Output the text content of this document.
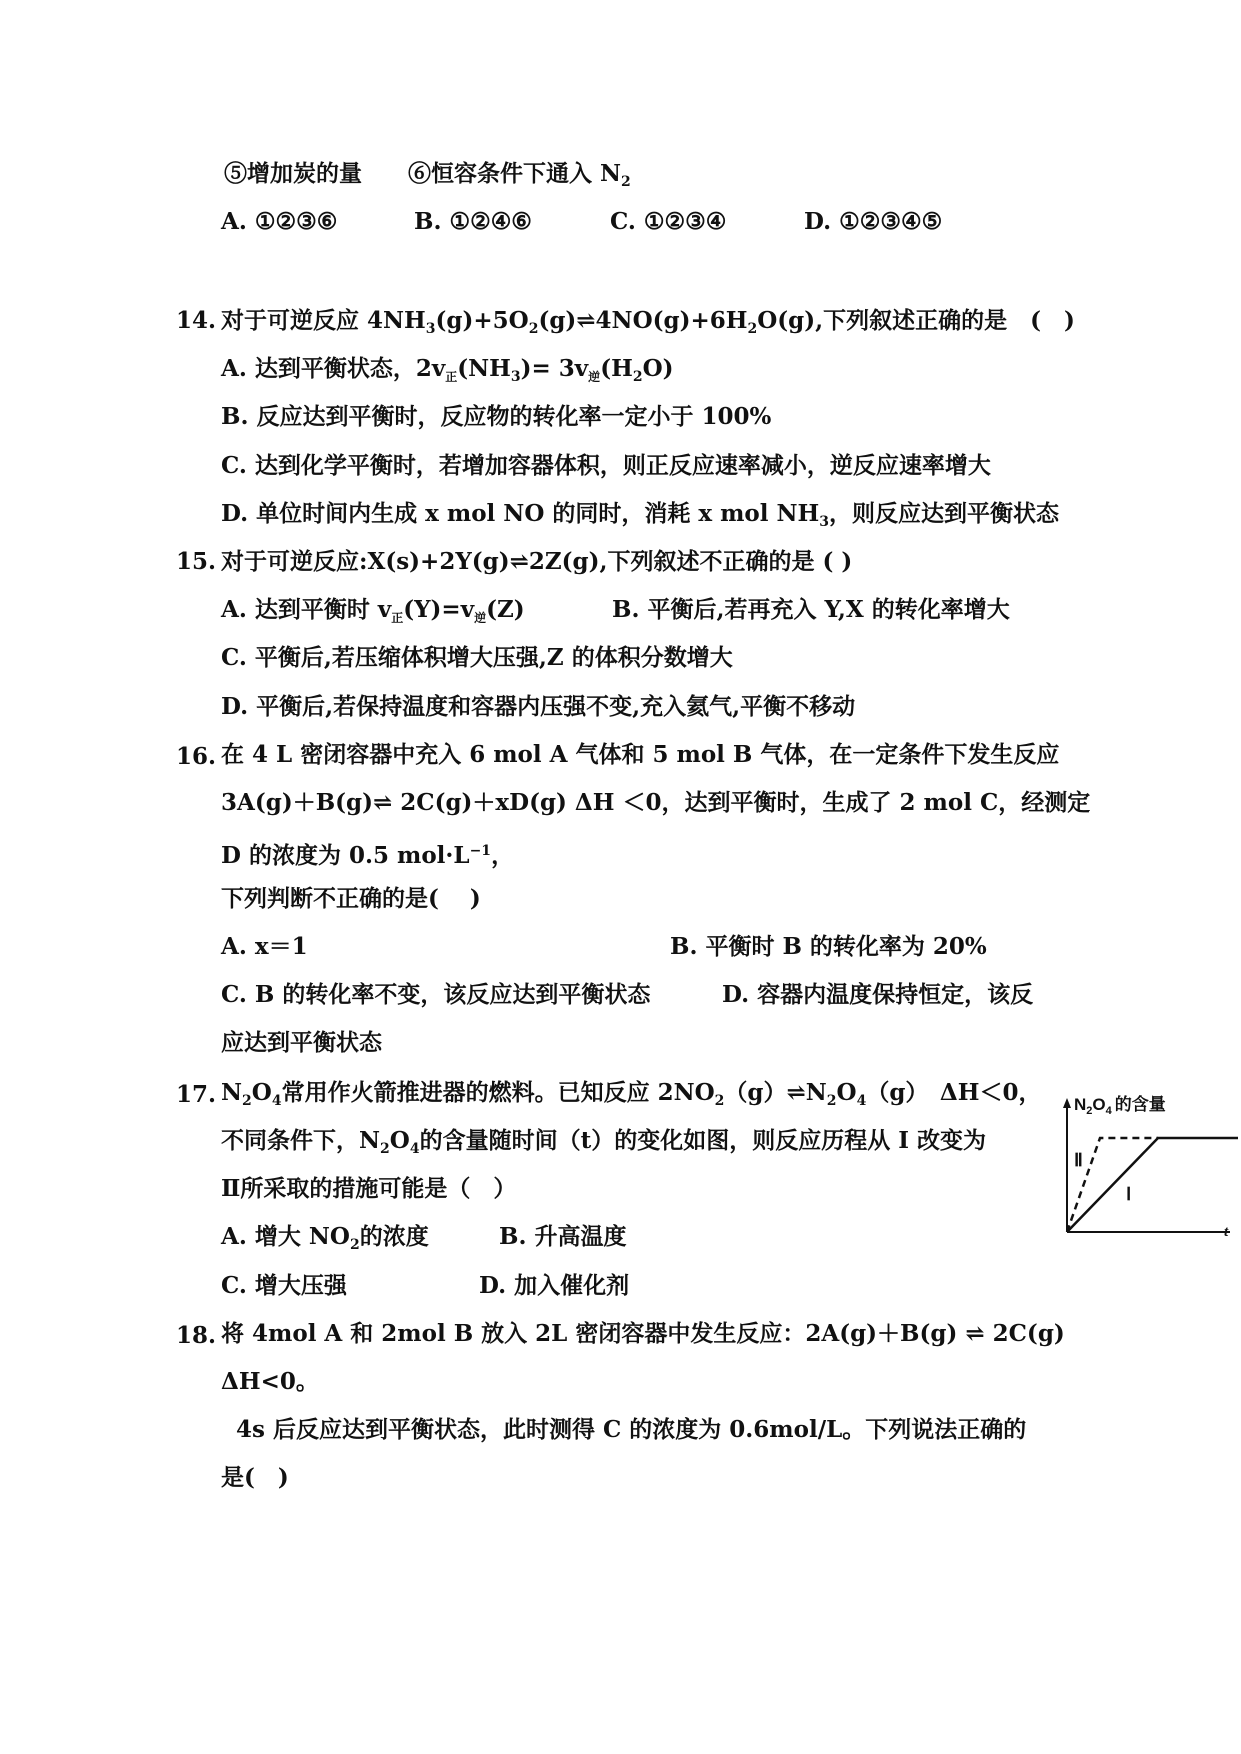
⑤增加炭的量　　⑥恒容条件下通入 $N_2$
A. ①②③⑥	B. ①②④⑥	C. ①②③④	D. ①②③④⑤
14. 对于可逆反应 $4NH_3(g)+5O_2(g)\rightleftharpoons 4NO(g)+6H_2O(g)$,下列叙述正确的是　(　)
A. 达到平衡状态，$2v_正(NH_3)= 3v_逆(H_2O)$
B. 反应达到平衡时，反应物的转化率一定小于 100%
C. 达到化学平衡时，若增加容器体积，则正反应速率减小，逆反应速率增大
D. 单位时间内生成 x mol NO 的同时，消耗 x mol $NH_3$，则反应达到平衡状态
15. 对于可逆反应:X(s)+2Y(g)⇌2Z(g),下列叙述不正确的是 ( )
A. 达到平衡时 $v_正(Y)=v_逆(Z)$	B. 平衡后,若再充入 Y,X 的转化率增大
C. 平衡后,若压缩体积增大压强,Z 的体积分数增大
D. 平衡后,若保持温度和容器内压强不变,充入氦气,平衡不移动
16. 在 4 L 密闭容器中充入 6 mol A 气体和 5 mol B 气体，在一定条件下发生反应
3A(g)＋B(g)⇌ 2C(g)＋xD(g) ΔH ＜0，达到平衡时，生成了 2 mol C，经测定
D 的浓度为 0.5 $mol\cdot L^{-1}$，
下列判断不正确的是(　 )
A. x＝1	B. 平衡时 B 的转化率为 20%
C. B 的转化率不变，该反应达到平衡状态	D. 容器内温度保持恒定，该反
应达到平衡状态
17. $N_2O_4$常用作火箭推进器的燃料。已知反应 $2NO_2(g)\rightleftharpoons N_2O_4(g)$　ΔH＜0，
不同条件下，$N_2O_4$的含量随时间（t）的变化如图，则反应历程从 Ⅰ 改变为
Ⅱ所采取的措施可能是（　）
A. 增大 $NO_2$的浓度	B. 升高温度
C. 增大压强	D. 加入催化剂
$N_2O_4$ 的含量
t
Ⅱ
Ⅰ
18. 将 4mol A 和 2mol B 放入 2L 密闭容器中发生反应：2A(g)＋B(g) ⇌ 2C(g)
ΔH<0。
4s 后反应达到平衡状态，此时测得 C 的浓度为 0.6mol/L。下列说法正确的
是(　)
